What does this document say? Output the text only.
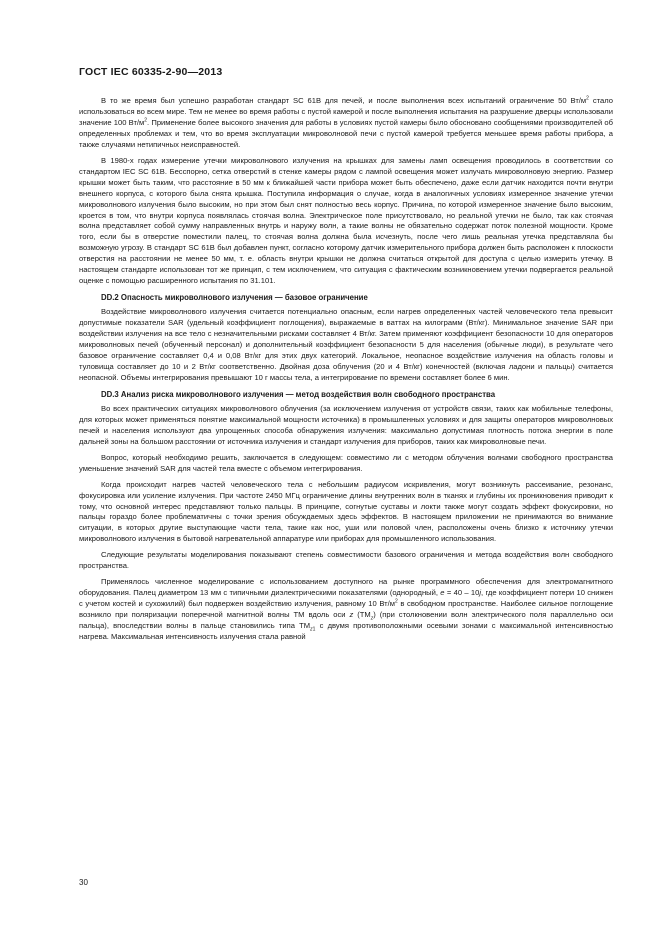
ГОСТ IEC 60335-2-90—2013

В то же время был успешно разработан стандарт SC 61B для печей, и после выполнения всех испытаний ограничение 50 $Вт/м^2$ стало использоваться во всем мире. Тем не менее во время работы с пустой камерой и после выполнения испытания на разрушение дверцы использовали значение 100 $Вт/м^2$. Применение более высокого значения для работы в условиях пустой камеры было обосновано сообщениями производителей об определенных проблемах и тем, что во время эксплуатации микроволновой печи с пустой камерой требуется меньшее время работы прибора, а также случаями нетипичных неисправностей.

В 1980-х годах измерение утечки микроволнового излучения на крышках для замены ламп освещения проводилось в соответствии со стандартом IEC SC 61B. Бесспорно, сетка отверстий в стенке камеры рядом с лампой освещения может излучать микроволновую энергию. Размер крышки может быть таким, что расстояние в 50 мм к ближайшей части прибора может быть обеспечено, даже если датчик находится почти внутри внешнего корпуса, с которого была снята крышка. Поступила информация о случае, когда в аналогичных условиях измеренное значение утечки микроволнового излучения было высоким, но при этом был снят полностью весь корпус. Причина, по которой измеренное значение было высоким, кроется в том, что внутри корпуса появлялась стоячая волна. Электрическое поле присутствовало, но реальной утечки не было, так как стоячая волна представляет собой сумму направленных внутрь и наружу волн, а такие волны не обязательно содержат поток полезной мощности. Кроме того, если бы в отверстие поместили палец, то стоячая волна должна была исчезнуть, после чего лишь реальная утечка представляла бы возможную угрозу. В стандарт SC 61B был добавлен пункт, согласно которому датчик измерительного прибора должен быть расположен к плоскости отверстия на расстоянии не менее 50 мм, т. е. область внутри крышки не должна считаться открытой для доступа с целью измерить утечку. В настоящем стандарте использован тот же принцип, с тем исключением, что ситуация с фактическим возникновением утечки подвергается реальной оценке с помощью расширенного испытания по 31.101.

DD.2 Опасность микроволнового излучения — базовое ограничение

Воздействие микроволнового излучения считается потенциально опасным, если нагрев определенных частей человеческого тела превысит допустимые показатели SAR (удельный коэффициент поглощения), выражаемые в ваттах на килограмм (Вт/кг). Минимальное значение SAR при воздействии излучения на все тело с незначительными рисками составляет 4 Вт/кг. Затем применяют коэффициент безопасности 10 для операторов микроволновых печей (обученный персонал) и дополнительный коэффициент безопасности 5 для населения (обычные люди), в результате чего базовое ограничение составляет 0,4 и 0,08 Вт/кг для этих двух категорий. Локальное, неопасное воздействие излучения на область головы и туловища составляет до 10 и 2 Вт/кг соответственно. Двойная доза облучения (20 и 4 Вт/кг) конечностей (включая ладони и пальцы) считается неопасной. Объемы интегрирования превышают 10 г массы тела, а интегрирование по времени составляет более 6 мин.

DD.3 Анализ риска микроволнового излучения — метод воздействия волн свободного пространства

Во всех практических ситуациях микроволнового облучения (за исключением излучения от устройств связи, таких как мобильные телефоны, для которых может применяться понятие максимальной мощности источника) в промышленных условиях и для защиты операторов микроволновых печей и населения используют два упрощенных способа обнаружения излучения: максимально допустимая плотность потока энергии в поле дальней зоны на большом расстоянии от источника излучения и стандарт излучения для приборов, таких как микроволновые печи.

Вопрос, который необходимо решить, заключается в следующем: совместимо ли с методом облучения волнами свободного пространства уменьшение значений SAR для частей тела вместе с объемом интегрирования.

Когда происходит нагрев частей человеческого тела с небольшим радиусом искривления, могут возникнуть рассеивание, резонанс, фокусировка или усиление излучения. При частоте 2450 МГц ограничение длины внутренних волн в тканях и глубины их проникновения приводит к тому, что основной интерес представляют только пальцы. В принципе, согнутые суставы и локти также могут создать эффект фокусировки, но пальцы гораздо более проблематичны с точки зрения обсуждаемых здесь эффектов. В настоящем приложении не принимаются во внимание ситуации, в которых другие выступающие части тела, такие как нос, уши или половой член, расположены очень близко к источнику утечки микроволнового излучения в бытовой нагревательной аппаратуре или приборах для промышленного использования.

Следующие результаты моделирования показывают степень совместимости базового ограничения и метода воздействия волн свободного пространства.

Применялось численное моделирование с использованием доступного на рынке программного обеспечения для электромагнитного оборудования. Палец диаметром 13 мм с типичными диэлектрическими показателями (однородный, е = 40 – 10j, где коэффициент потери 10 снижен с учетом костей и сухожилий) был подвержен воздействию излучения, равному 10 $Вт/м^2$ в свободном пространстве. Наиболее сильное поглощение возникло при поляризации поперечной магнитной волны TM вдоль оси z $(TM_z)$ (при столкновении волн электрического поля параллельно оси пальца), впоследствии волны в пальце становились типа $TM_{z1}$ с двумя противоположными осевыми зонами с максимальной интенсивностью нагрева. Максимальная интенсивность излучения стала равной

30
